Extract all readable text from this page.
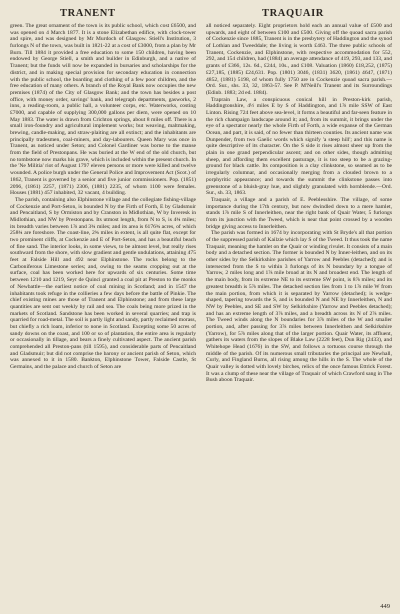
TRANENT	TRAQUAIR

green. The great ornament of the town is its public school, which cost £6500, and was opened on 4 March 1877. It is a stone Elizabethan edifice, with clock-tower and spire, and was designed by Mr Murdoch of Glasgow. Stiell's Institution, 3 furlongs N of the town, was built in 1821-22 at a cost of £3000, from a plan by Mr Burn. Till 1884 it provided a free education to some 150 children, having been endowed by George Stiell, a smith and builder in Edinburgh, and a native of Tranent; but the funds will now be expanded in bursaries and scholarships for the district, and in making special provision for secondary education in connection with the public school, the boarding and clothing of a few poor children, and the free education of many others. A branch of the Royal Bank now occupies the new premises (1874) of the City of Glasgow Bank; and the town has besides a post office, with money order, savings' bank, and telegraph departments, gasworks, 2 inns, a reading-room, a public hall, a volunteer corps, etc. Waterworks, costing £7000, and capable of supplying 300,000 gallons per diem, were opened on 10 May 1883. The water is drawn from Crichton springs, about 8 miles off. There is a small iron-foundry and agricultural implement works; but weaving, maltmaking, brewing, candle-making, and straw-plaiting are all extinct; and the inhabitants are principally tradesmen, coal-miners, and day-labourers. Queen Mary was once in Tranent, as noticed under Seton; and Colonel Gardiner was borne to the manse from the field of Prestonpans. He was buried at the W end of the old church, but no tombstone now marks his grave, which is included within the present church. In the 'Ne Militia' riot of August 1797 eleven persons or more were killed and twelve wounded. A police burgh under the General Police and Improvement Act (Scot.) of 1862, Tranent is governed by a senior and five junior commissioners. Pop. (1851) 2096, (1861) 2257, (1871) 2306, (1881) 2235, of whom 1100 were females. Houses (1881) 457 inhabited, 32 vacant, 4 building.

The parish, containing also Elphinstone village and the collegiate fishing-village of Cockenzie and Port-Seton, is bounded N by the Firth of Forth, E by Gladsmuir and Pencaitland, S by Ormiston and by Cranston in Midlothian, W by Inveresk in Midlothian, and NW by Prestonpans. Its utmost length, from N to S, is 4¾ miles; its breadth varies between 1⅞ and 3¾ miles; and its area is 6176¾ acres, of which 258¾ are foreshore. The coast-line, 2¾ miles in extent, is all quite flat, except for two prominent cliffs, at Cockenzie and E of Port-Seton, and has a beautiful beach of fine sand. The interior looks, in some views, to be almost level, but really rises southward from the shore, with slow gradient and gentle undulations, attaining 475 feet at Falside Hill and 492 near Elphinstone. The rocks belong to the Carboniferous Limestone series; and, owing to the seams cropping out at the surface, coal has been worked here for upwards of six centuries. Some time between 1210 and 1219, Seyr de Quinci granted a coal pit at Preston to the monks of Newbattle—the earliest notice of coal mining in Scotland; and in 1547 the inhabitants took refuge in the collieries a few days before the battle of Pinkie. The chief existing mines are those of Tranent and Elphinstone; and from these large quantities are sent out weekly by rail and sea. The coals being more prized in the markets of Scotland. Sandstone has been worked in several quarries; and trap is quarried for road-metal. The soil is partly light and sandy, partly reclaimed morass, but chiefly a rich loam, inferior to none in Scotland. Excepting some 50 acres of sandy downs on the coast, and 100 or so of plantation, the entire area is regularly or occasionally in tillage, and bears a finely cultivated aspect. The ancient parish comprehended all Preston-pans (till 1595), and considerable parts of Pencaitland and Gladsmuir; but did not comprise the barony or ancient parish of Seton, which was annexed to it in 1580. Bankton, Elphinstone Tower, Falside Castle, St Germains, and the palace and church of Seton are

all noticed separately. Eight proprietors hold each an annual value of £500 and upwards, and eight of between £100 and £500. Giving off the quoad sacra parish of Cockenzie since 1885, Tranent is in the presbytery of Haddington and the synod of Lothian and Tweeddale; the living is worth £463. The three public schools of Tranent, Cockenzie, and Elphinstone, with respective accommodation for 552, 292, and 154 children, had (1884) an average attendance of 419, 293, and 133, and grants of £366, 12s. 6d., £244, 10s., and £108. Valuation (1860) £18,252, (1875) £27,185, (1885) £24,631. Pop. (1801) 3046, (1831) 3620, (1861) 4647, (1871) 4852, (1881) 5198, of whom fully 1750 are in Cockenzie quoad sacra parish.—Ord. Sur., shs. 33, 32, 1863-57. See P. M'Neill's Tranent and its Surroundings (Edinb. 1883; 2d ed. 1884).

Traprain Law, a conspicuous conical hill in Preston-kirk parish, Haddingtonshire, 4½ miles E by S of Haddington, and 1⅞ mile SSW of East Linton. Rising 724 feet above sea-level, it forms a beautiful and far-seen feature in the rich champaign landscape around it; and, from its summit, it brings under the eye of a spectator nearly the whole Firth of Forth, a wide expanse of the German Ocean, and part, it is said, of no fewer than thirteen counties. Its ancient name was Dunpender, from two Gaelic words which signify 'a steep hill'; and this name is quite descriptive of its character. On the S side it rises almost sheer up from the plain in one grand perpendicular ascent; and on other sides, though admitting sheep, and affording them excellent pasturage, it is too steep to be a grazing-ground for black cattle. Its composition is a clay clinkstone, so seamed as to be irregularly columnar, and occasionally merging from a clouded brown to a porphyritic appearance; and towards the summit the clinkstone passes into greenstone of a bluish-gray hue, and slightly granulated with hornblende.—Ord. Sur., sh. 33, 1863.

Traquair, a village and a parish of E. Peeblesshire. The village, of some importance during the 17th century, but now dwindled down to a mere hamlet, stands 1⅞ mile S of Innerleithen, near the right bank of Quair Water, 5 furlongs from its junction with the Tweed, which is near that point crossed by a wooden bridge giving access to Innerleithen.

The parish was formed in 1674 by incorporating with St Bryde's all that portion of the suppressed parish of Kailzie which lay S of the Tweed. It thus took the name Traquair, meaning the hamlet on the Quair or winding rivulet. It consists of a main body and a detached section. The former is bounded N by Inner-leithen, and on its other sides by the Selkirkshire parishes of Yarrow and Peebles (detached); and is intersected from the S to within 3 furlongs of its N boundary by a tongue of Yarrow, 2 miles long and 1⅞ mile broad at its N and broadest end. The length of the main body, from its extreme NE to its extreme SW point, is 8⅞ miles; and its greatest breadth is 5⅞ miles. The detached section lies from 1 to 1⅞ mile W from the main portion, from which it is separated by Yarrow (detached); is wedge-shaped, tapering towards the S, and is bounded N and NE by Innerleithen, N and NW by Peebles, and SE and SW by Selkirkshire (Yarrow and Peebles detached); and has an extreme length of 3⅞ miles, and a breadth across its N of 2⅞ miles. The Tweed winds along the N boundaries for 3⅞ miles of the W and smaller portion, and, after passing for 3⅞ miles between Innerleithen and Selkirkshire (Yarrow), for 5⅞ miles along that of the larger portion. Quair Water, its affluent, gathers its waters from the slopes of Blake Law (2228 feet), Dun Rig (2433), and Whitehope Head (1676) in the SW, and follows a tortuous course through the middle of the parish. Of its numerous small tributaries the principal are Newhall, Curly, and Fingland Burns, all rising among the hills in the S. The whole of the Quair valley is dotted with lovely birches, relics of the once famous Ettrick Forest. It was a clump of these near the village of Traquair of which Crawford sang in The Bush aboon Traquair.

449
